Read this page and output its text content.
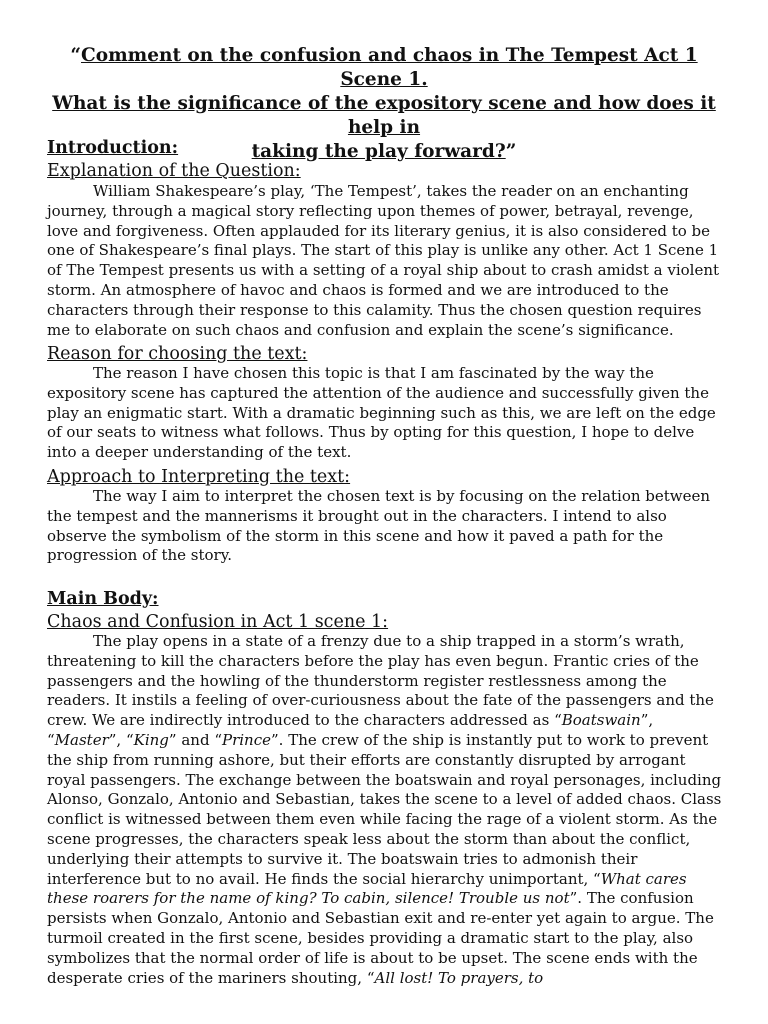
“Comment on the confusion and chaos in The Tempest Act 1 Scene 1.
What is the significance of the expository scene and how does it help in
taking the play forward?”
Introduction:
Explanation of the Question:

William Shakespeare’s play, ‘The Tempest’, takes the reader on an enchanting journey, through a magical story reflecting upon themes of power, betrayal, revenge, love and forgiveness. Often applauded for its literary genius, it is also considered to be one of Shakespeare’s final plays. The start of this play is unlike any other. Act 1 Scene 1 of The Tempest presents us with a setting of a royal ship about to crash amidst a violent storm. An atmosphere of havoc and chaos is formed and we are introduced to the characters through their response to this calamity. Thus the chosen question requires me to elaborate on such chaos and confusion and explain the scene’s significance.

Reason for choosing the text:

The reason I have chosen this topic is that I am fascinated by the way the expository scene has captured the attention of the audience and successfully given the play an enigmatic start. With a dramatic beginning such as this, we are left on the edge of our seats to witness what follows. Thus by opting for this question, I hope to delve into a deeper understanding of the text.

Approach to Interpreting the text:

The way I aim to interpret the chosen text is by focusing on the relation between the tempest and the mannerisms it brought out in the characters. I intend to also observe the symbolism of the storm in this scene and how it paved a path for the progression of the story.

Main Body:
Chaos and Confusion in Act 1 scene 1:

The play opens in a state of a frenzy due to a ship trapped in a storm’s wrath, threatening to kill the characters before the play has even begun. Frantic cries of the passengers and the howling of the thunderstorm register restlessness among the readers. It instils a feeling of over-curiousness about the fate of the passengers and the crew. We are indirectly introduced to the characters addressed as “Boatswain”, “Master”, “King” and “Prince”. The crew of the ship is instantly put to work to prevent the ship from running ashore, but their efforts are constantly disrupted by arrogant royal passengers. The exchange between the boatswain and royal personages, including Alonso, Gonzalo, Antonio and Sebastian, takes the scene to a level of added chaos. Class conflict is witnessed between them even while facing the rage of a violent storm. As the scene progresses, the characters speak less about the storm than about the conflict, underlying their attempts to survive it. The boatswain tries to admonish their interference but to no avail. He finds the social hierarchy unimportant, “What cares these roarers for the name of king? To cabin, silence! Trouble us not”. The confusion persists when Gonzalo, Antonio and Sebastian exit and re-enter yet again to argue. The turmoil created in the first scene, besides providing a dramatic start to the play, also symbolizes that the normal order of life is about to be upset. The scene ends with the desperate cries of the mariners shouting, “All lost! To prayers, to
